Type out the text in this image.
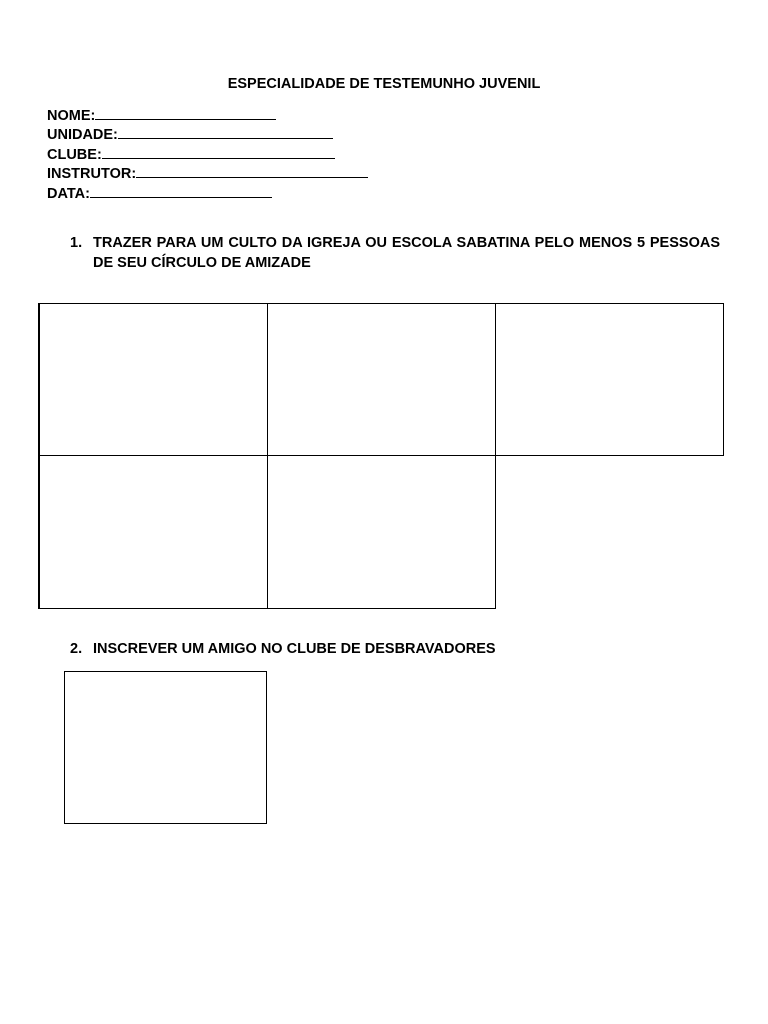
ESPECIALIDADE DE TESTEMUNHO JUVENIL
NOME:
UNIDADE:
CLUBE:
INSTRUTOR:
DATA:
1. TRAZER PARA UM CULTO DA IGREJA OU ESCOLA SABATINA PELO MENOS 5 PESSOAS DE SEU CÍRCULO DE AMIZADE
2. INSCREVER UM AMIGO NO CLUBE DE DESBRAVADORES
